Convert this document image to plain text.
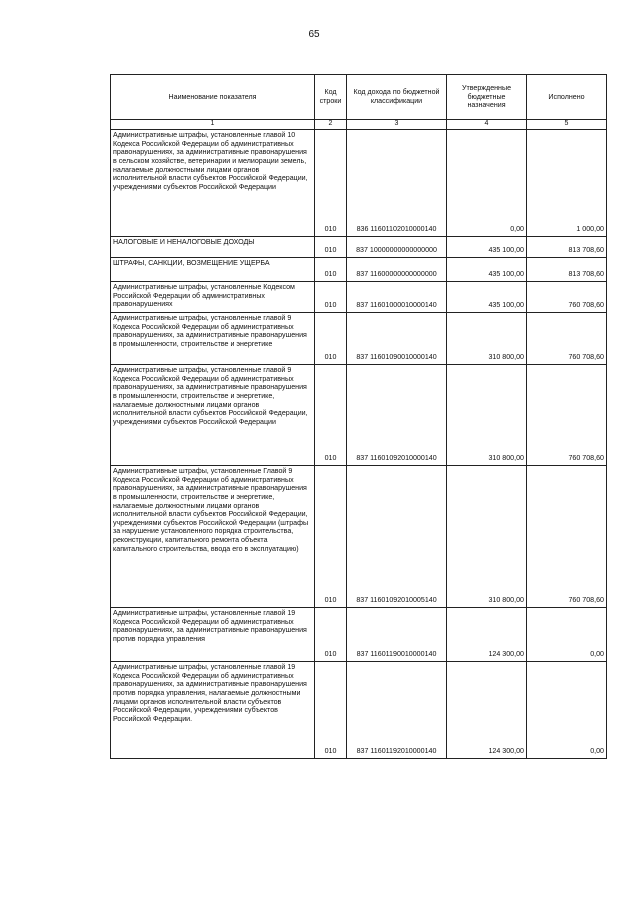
65
Наименование показателя	Код строки	Код дохода по бюджетной классификации	Утвержденные бюджетные назначения	Исполнено
1	2	3	4	5
Административные штрафы, установленные главой 10 Кодекса Российской Федерации об административных правонарушениях, за административные правонарушения в сельском хозяйстве, ветеринарии и мелиорации земель, налагаемые должностными лицами органов исполнительной власти субъектов Российской Федерации, учреждениями субъектов Российской Федерации	010	836 11601102010000140	0,00	1 000,00
НАЛОГОВЫЕ И НЕНАЛОГОВЫЕ ДОХОДЫ	010	837 10000000000000000	435 100,00	813 708,60
ШТРАФЫ, САНКЦИИ, ВОЗМЕЩЕНИЕ УЩЕРБА	010	837 11600000000000000	435 100,00	813 708,60
Административные штрафы, установленные Кодексом Российской Федерации об административных правонарушениях	010	837 11601000010000140	435 100,00	760 708,60
Административные штрафы, установленные главой 9 Кодекса Российской Федерации об административных правонарушениях, за административные правонарушения в промышленности, строительстве и энергетике	010	837 11601090010000140	310 800,00	760 708,60
Административные штрафы, установленные главой 9 Кодекса Российской Федерации об административных правонарушениях, за административные правонарушения в промышленности, строительстве и энергетике, налагаемые должностными лицами органов исполнительной власти субъектов Российской Федерации, учреждениями субъектов Российской Федерации	010	837 11601092010000140	310 800,00	760 708,60
Административные штрафы, установленные Главой 9 Кодекса Российской Федерации об административных правонарушениях, за административные правонарушения в промышленности, строительстве и энергетике, налагаемые должностными лицами органов исполнительной власти субъектов Российской Федерации, учреждениями субъектов Российской Федерации (штрафы за нарушение установленного порядка строительства, реконструкции, капитального ремонта объекта капитального строительства, ввода его в эксплуатацию)	010	837 11601092010005140	310 800,00	760 708,60
Административные штрафы, установленные главой 19 Кодекса Российской Федерации об административных правонарушениях, за административные правонарушения против порядка управления	010	837 11601190010000140	124 300,00	0,00
Административные штрафы, установленные главой 19 Кодекса Российской Федерации об административных правонарушениях, за административные правонарушения против порядка управления, налагаемые должностными лицами органов исполнительной власти субъектов Российской Федерации, учреждениями субъектов Российской Федерации.	010	837 11601192010000140	124 300,00	0,00
